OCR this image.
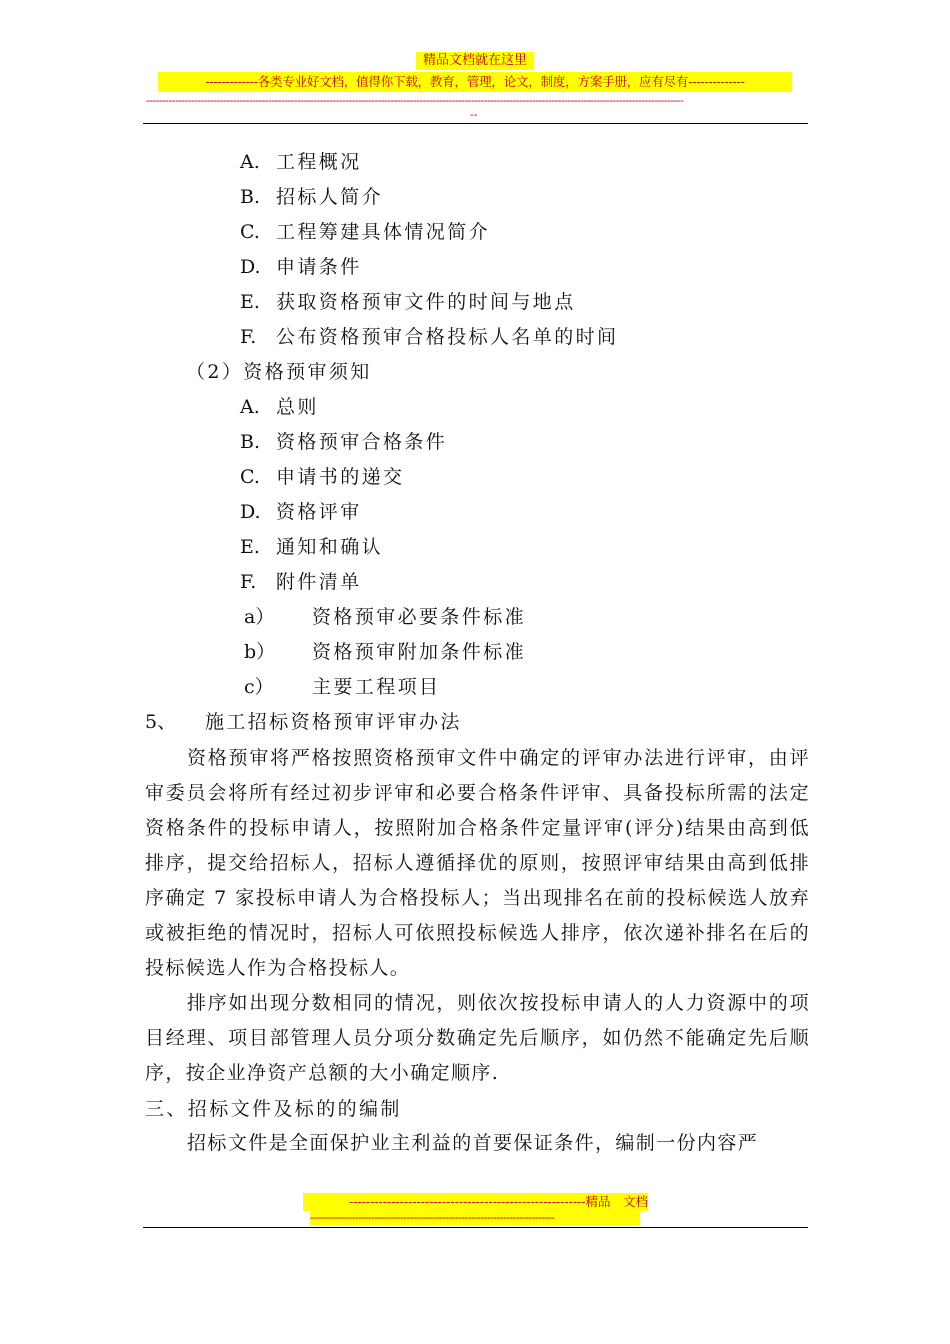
精品文档就在这里
-------------各类专业好文档，值得你下载，教育，管理，论文，制度，方案手册，应有尽有--------------
-----------------------------------------------------------------------------------------------------------------------------------------------------------------------
--
A. 工程概况
B. 招标人简介
C. 工程筹建具体情况简介
D. 申请条件
E. 获取资格预审文件的时间与地点
F. 公布资格预审合格投标人名单的时间
（2）资格预审须知
A. 总则
B. 资格预审合格条件
C. 申请书的递交
D. 资格评审
E. 通知和确认
F. 附件清单
a） 资格预审必要条件标准
b） 资格预审附加条件标准
c） 主要工程项目
5、 施工招标资格预审评审办法
资格预审将严格按照资格预审文件中确定的评审办法进行评审，由评审委员会将所有经过初步评审和必要合格条件评审、具备投标所需的法定资格条件的投标申请人，按照附加合格条件定量评审(评分)结果由高到低排序，提交给招标人，招标人遵循择优的原则，按照评审结果由高到低排序确定 7 家投标申请人为合格投标人；当出现排名在前的投标候选人放弃或被拒绝的情况时，招标人可依照投标候选人排序，依次递补排名在后的投标候选人作为合格投标人。
排序如出现分数相同的情况，则依次按投标申请人的人力资源中的项目经理、项目部管理人员分项分数确定先后顺序，如仍然不能确定先后顺序，按企业净资产总额的大小确定顺序.
三、招标文件及标的的编制
招标文件是全面保护业主利益的首要保证条件，编制一份内容严
--------------------------------------------------------精品　文档
----------------------------------------------------------------------------
